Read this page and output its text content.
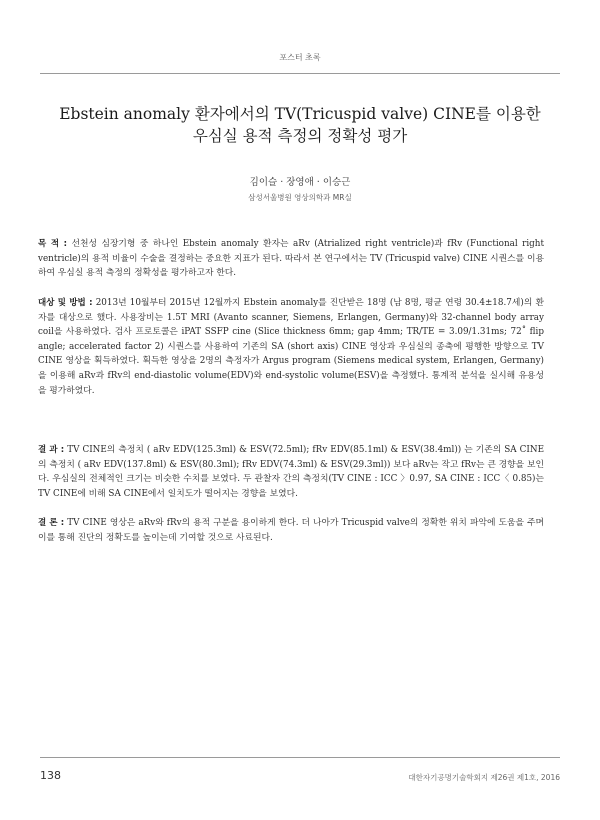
포스터 초록
Ebstein anomaly 환자에서의 TV(Tricuspid valve) CINE를 이용한
우심실 용적 측정의 정확성 평가
김이슬 · 장영애 · 이승근
삼성서울병원 영상의학과 MR실
목 적 : 선천성 심장기형 중 하나인 Ebstein anomaly 환자는 aRv (Atrialized right ventricle)과 fRv (Functional right ventricle)의 용적 비율이 수술을 결정하는 중요한 지표가 된다. 따라서 본 연구에서는 TV (Tricuspid valve) CINE 시퀀스를 이용하여 우심실 용적 측정의 정확성을 평가하고자 한다.
대상 및 방법 : 2013년 10월부터 2015년 12월까지 Ebstein anomaly를 진단받은 18명 (남 8명, 평균 연령 30.4±18.7세)의 환자를 대상으로 했다. 사용장비는 1.5T MRI (Avanto scanner, Siemens, Erlangen, Germany)와 32-channel body array coil을 사용하였다. 검사 프로토콜은 iPAT SSFP cine (Slice thickness 6mm; gap 4mm; TR/TE = 3.09/1.31ms; 72˚ flip angle; accelerated factor 2) 시퀀스를 사용하여 기존의 SA (short axis) CINE 영상과 우심실의 종축에 평행한 방향으로 TV CINE 영상을 획득하였다. 획득한 영상을 2명의 측정자가 Argus program (Siemens medical system, Erlangen, Germany)을 이용해 aRv과 fRv의 end-diastolic volume(EDV)와 end-systolic volume(ESV)을 측정했다. 통계적 분석을 실시해 유용성을 평가하였다.
결 과 : TV CINE의 측정치 ( aRv EDV(125.3ml) & ESV(72.5ml); fRv EDV(85.1ml) & ESV(38.4ml)) 는 기존의 SA CINE의 측정치 ( aRv EDV(137.8ml) & ESV(80.3ml); fRv EDV(74.3ml) & ESV(29.3ml)) 보다 aRv는 작고 fRv는 큰 경향을 보인다. 우심실의 전체적인 크기는 비슷한 수치를 보였다. 두 관찰자 간의 측정치(TV CINE : ICC 〉0.97, SA CINE : ICC〈 0.85)는 TV CINE에 비해 SA CINE에서 일치도가 떨어지는 경향을 보였다.
결 론 : TV CINE 영상은 aRv와 fRv의 용적 구분을 용이하게 한다. 더 나아가 Tricuspid valve의 정확한 위치 파악에 도움을 주며 이를 통해 진단의 정확도를 높이는데 기여할 것으로 사료된다.
138	대한자기공명기술학회지 제26권 제1호, 2016
